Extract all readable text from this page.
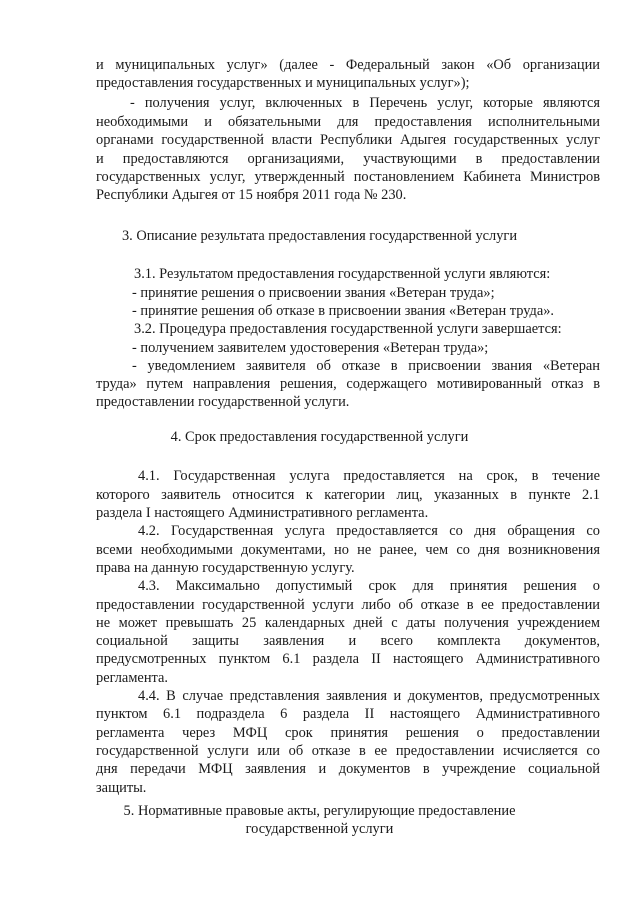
и муниципальных услуг» (далее - Федеральный закон «Об организации
предоставления государственных и муниципальных услуг»);
- получения услуг, включенных в Перечень услуг, которые являются
необходимыми и обязательными для предоставления исполнительными
органами государственной власти Республики Адыгея государственных услуг
и предоставляются организациями, участвующими в предоставлении
государственных услуг, утвержденный постановлением Кабинета Министров
Республики Адыгея от 15 ноября 2011 года № 230.
3. Описание результата предоставления государственной услуги
3.1. Результатом предоставления государственной услуги являются:
- принятие решения о присвоении звания «Ветеран труда»;
- принятие решения об отказе в присвоении звания «Ветеран труда».
3.2. Процедура предоставления государственной услуги завершается:
- получением заявителем удостоверения «Ветеран труда»;
- уведомлением заявителя об отказе в присвоении звания «Ветеран
труда» путем направления решения, содержащего мотивированный отказ в
предоставлении государственной услуги.
4. Срок предоставления государственной услуги
4.1. Государственная услуга предоставляется на срок, в течение
которого заявитель относится к категории лиц, указанных в пункте 2.1
раздела I настоящего Административного регламента.
4.2. Государственная услуга предоставляется со дня обращения со
всеми необходимыми документами, но не ранее, чем со дня возникновения
права на данную государственную услугу.
4.3. Максимально допустимый срок для принятия решения о
предоставлении государственной услуги либо об отказе в ее предоставлении
не может превышать 25 календарных дней с даты получения учреждением
социальной защиты заявления и всего комплекта документов,
предусмотренных пунктом 6.1 раздела II настоящего Административного
регламента.
4.4. В случае представления заявления и документов, предусмотренных
пунктом 6.1 подраздела 6 раздела II настоящего Административного
регламента через МФЦ срок принятия решения о предоставлении
государственной услуги или об отказе в ее предоставлении исчисляется со
дня передачи МФЦ заявления и документов в учреждение социальной
защиты.
5. Нормативные правовые акты, регулирующие предоставление
государственной услуги
